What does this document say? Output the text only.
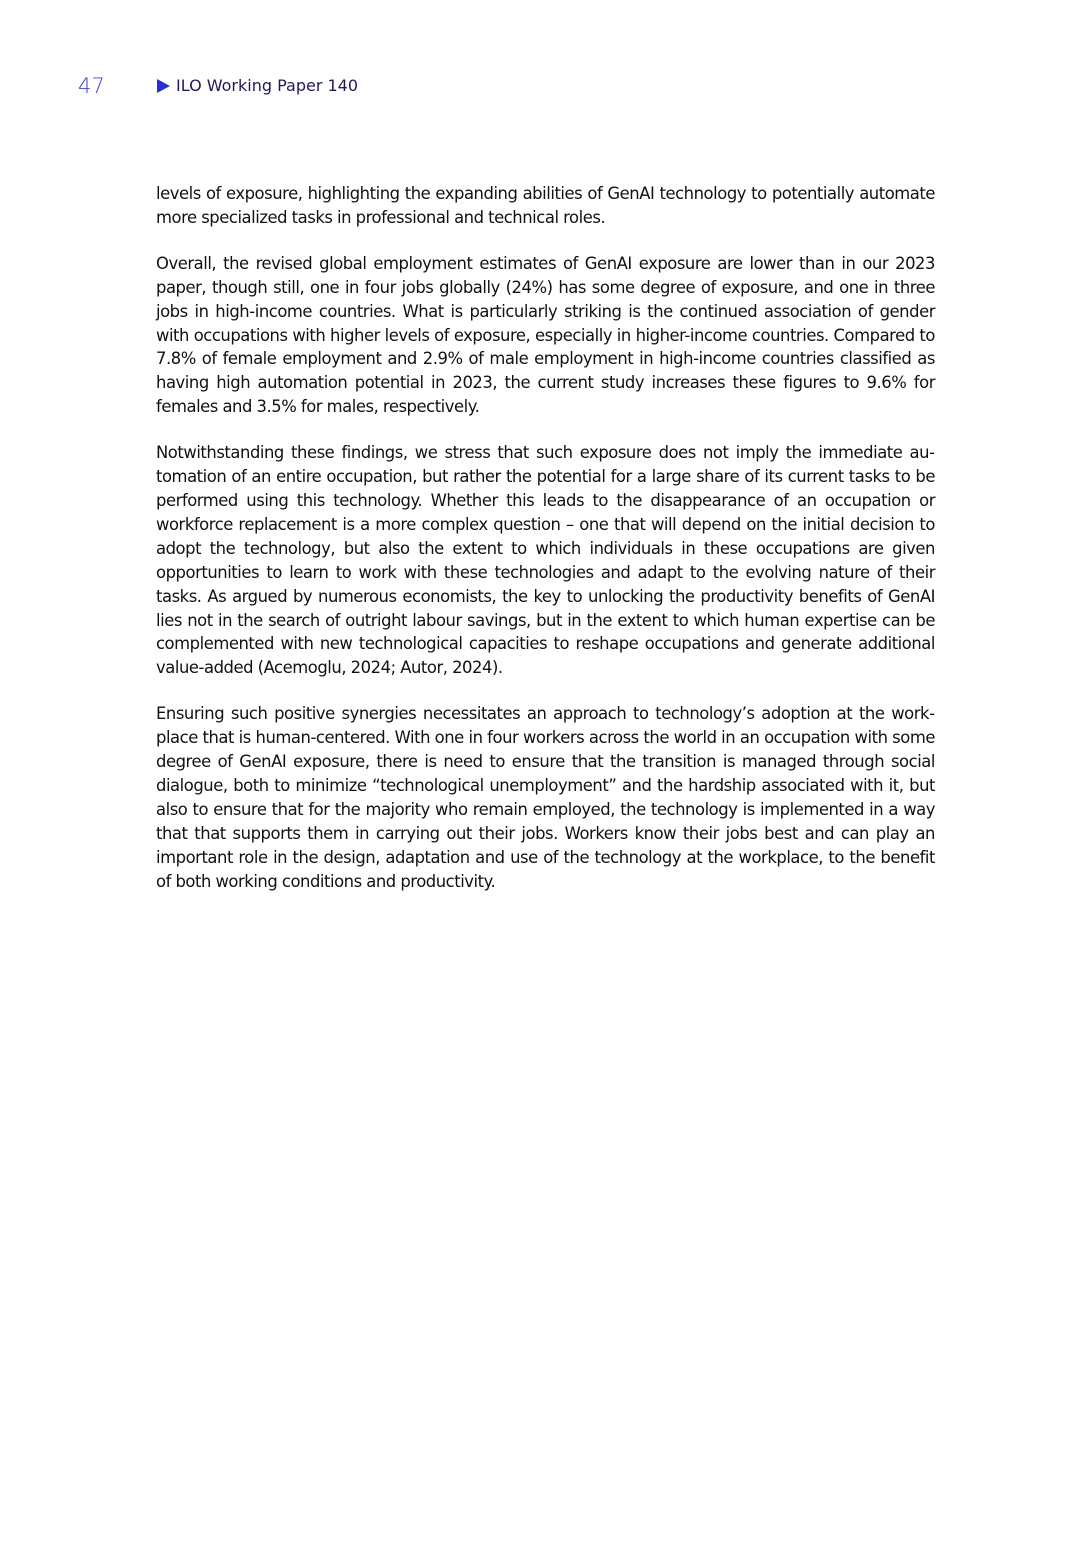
47	ILO Working Paper 140

levels of exposure, highlighting the expanding abilities of GenAI technology to potentially automate more specialized tasks in professional and technical roles.

Overall, the revised global employment estimates of GenAI exposure are lower than in our 2023 paper, though still, one in four jobs globally (24%) has some degree of exposure, and one in three jobs in high-income countries. What is particularly striking is the continued association of gender with occupations with higher levels of exposure, especially in higher-income countries. Compared to 7.8% of female employment and 2.9% of male employment in high-income countries classified as having high automation potential in 2023, the current study increases these figures to 9.6% for females and 3.5% for males, respectively.

Notwithstanding these findings, we stress that such exposure does not imply the immediate automation of an entire occupation, but rather the potential for a large share of its current tasks to be performed using this technology. Whether this leads to the disappearance of an occupation or workforce replacement is a more complex question – one that will depend on the initial decision to adopt the technology, but also the extent to which individuals in these occupations are given opportunities to learn to work with these technologies and adapt to the evolving nature of their tasks. As argued by numerous economists, the key to unlocking the productivity benefits of GenAI lies not in the search of outright labour savings, but in the extent to which human expertise can be complemented with new technological capacities to reshape occupations and generate additional value-added (Acemoglu, 2024; Autor, 2024).

Ensuring such positive synergies necessitates an approach to technology’s adoption at the workplace that is human-centered. With one in four workers across the world in an occupation with some degree of GenAI exposure, there is need to ensure that the transition is managed through social dialogue, both to minimize “technological unemployment” and the hardship associated with it, but also to ensure that for the majority who remain employed, the technology is implemented in a way that that supports them in carrying out their jobs. Workers know their jobs best and can play an important role in the design, adaptation and use of the technology at the workplace, to the benefit of both working conditions and productivity.
